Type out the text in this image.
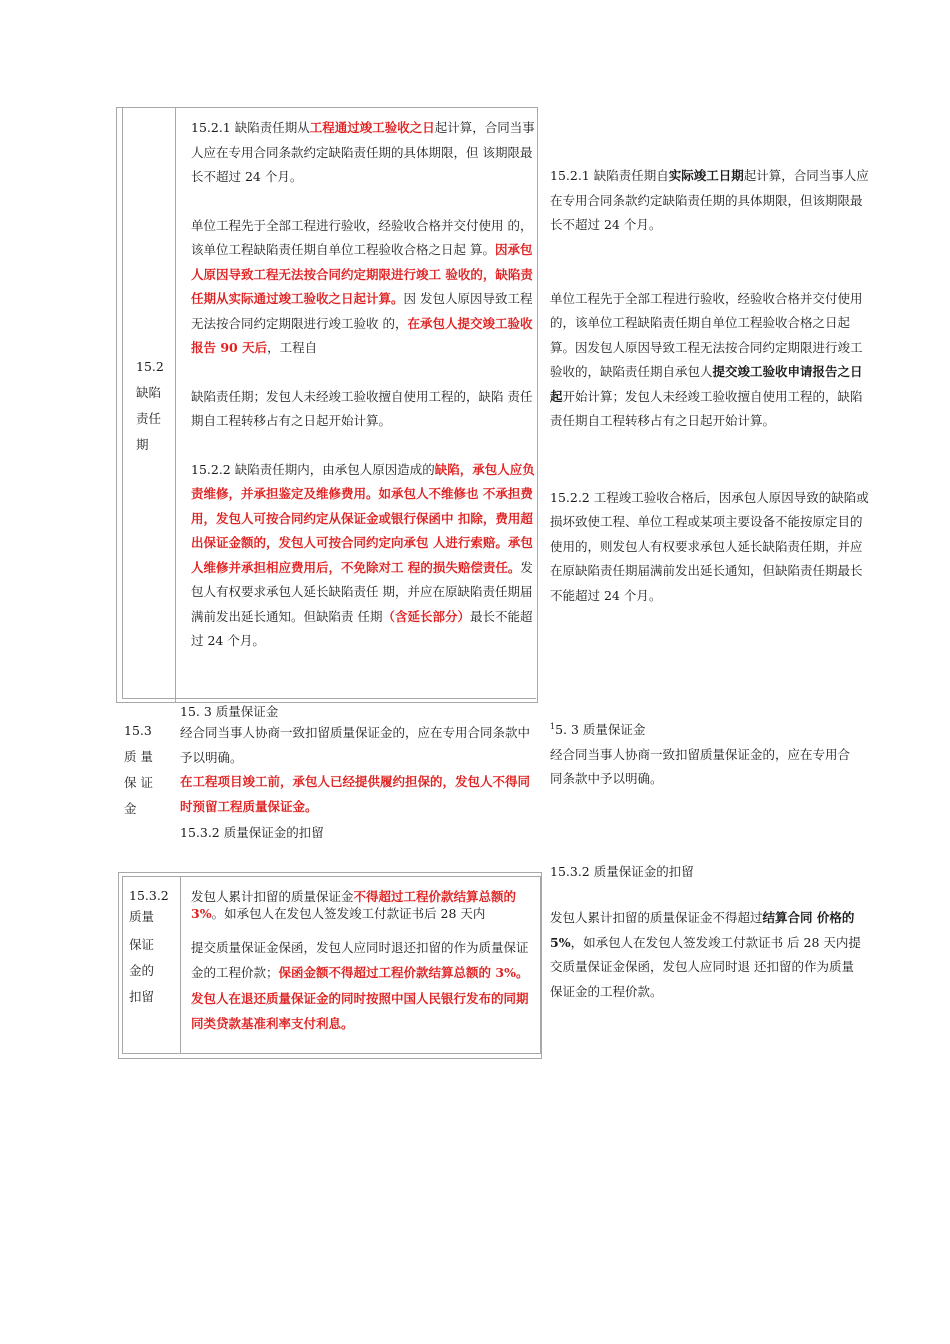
15.2

缺陷

责任

期

15.2.1 缺陷责任期从工程通过竣工验收之日起计算，合同当事人应在专用合同条款约定缺陷责任期的具体期限，但 该期限最长不超过 24 个月。

单位工程先于全部工程进行验收，经验收合格并交付使用 的，该单位工程缺陷责任期自单位工程验收合格之日起 算。因承包人原因导致工程无法按合同约定期限进行竣工 验收的，缺陷责任期从实际通过竣工验收之日起计算。因 发包人原因导致工程无法按合同约定期限进行竣工验收 的，在承包人提交竣工验收报告 90 天后，工程自

缺陷责任期；发包人未经竣工验收擅自使用工程的，缺陷 责任期自工程转移占有之日起开始计算。

15.2.2 缺陷责任期内，由承包人原因造成的缺陷，承包人应负责维修，并承担鉴定及维修费用。如承包人不维修也 不承担费用，发包人可按合同约定从保证金或银行保函中 扣除，费用超出保证金额的，发包人可按合同约定向承包 人进行索赔。承包人维修并承担相应费用后，不免除对工 程的损失赔偿责任。发包人有权要求承包人延长缺陷责任 期，并应在原缺陷责任期届满前发出延长通知。但缺陷责 任期（含延长部分）最长不能超过 24 个月。

15.2.1 缺陷责任期自实际竣工日期起计算，合同当事人应在专用合同条款约定缺陷责任期的具体期限，但该期限最长不超过 24 个月。

单位工程先于全部工程进行验收，经验收合格并交付使用的，该单位工程缺陷责任期自单位工程验收合格之日起算。因发包人原因导致工程无法按合同约定期限进行竣工验收的，缺陷责任期自承包人提交竣工验收申请报告之日起开始计算；发包人未经竣工验收擅自使用工程的，缺陷责任期自工程转移占有之日起开始计算。

15.2.2 工程竣工验收合格后，因承包人原因导致的缺陷或损坏致使工程、单位工程或某项主要设备不能按原定目的使用的，则发包人有权要求承包人延长缺陷责任期，并应在原缺陷责任期届满前发出延长通知，但缺陷责任期最长不能超过 24 个月。

15.3

质 量

保 证

金

15. 3 质量保证金

经合同当事人协商一致扣留质量保证金的，应在专用合同条款中予以明确。

在工程项目竣工前，承包人已经提供履约担保的，发包人不得同时预留工程质量保证金。

15.3.2 质量保证金的扣留

$^1$5. 3 质量保证金

经合同当事人协商一致扣留质量保证金的，应在专用合同条款中予以明确。

15.3.2 质量保证金的扣留

发包人累计扣留的质量保证金不得超过结算合同 价格的 5%，如承包人在发包人签发竣工付款证书 后 28 天内提交质量保证金保函，发包人应同时退 还扣留的作为质量保证金的工程价款。

15.3.2

质量

保证

金的

扣留

发包人累计扣留的质量保证金不得超过工程价款结算总额的 3%。如承包人在发包人签发竣工付款证书后 28 天内

提交质量保证金保函，发包人应同时退还扣留的作为质量保证金的工程价款；保函金额不得超过工程价款结算总额的 3%。

发包人在退还质量保证金的同时按照中国人民银行发布的同期同类贷款基准利率支付利息。
